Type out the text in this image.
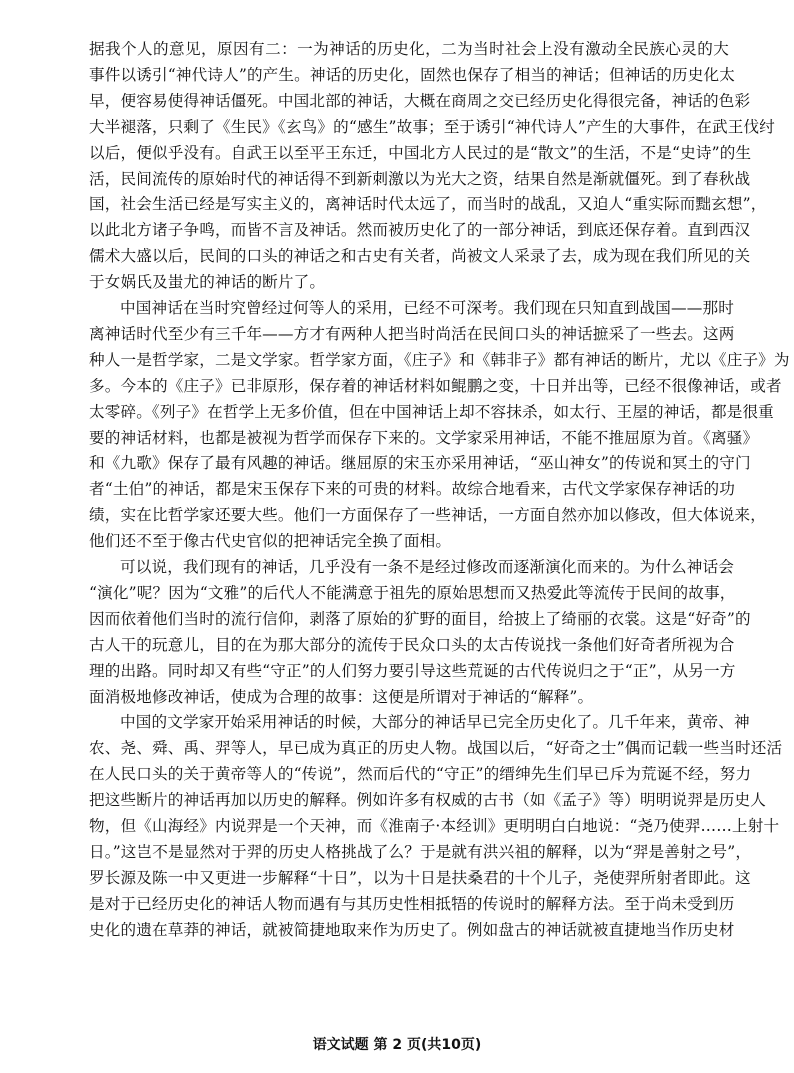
据我个人的意见，原因有二：一为神话的历史化，二为当时社会上没有激动全民族心灵的大
事件以诱引“神代诗人”的产生。神话的历史化，固然也保存了相当的神话；但神话的历史化太
早，便容易使得神话僵死。中国北部的神话，大概在商周之交已经历史化得很完备，神话的色彩
大半褪落，只剩了《生民》《玄鸟》的“感生”故事；至于诱引“神代诗人”产生的大事件，在武王伐纣
以后，便似乎没有。自武王以至平王东迁，中国北方人民过的是“散文”的生活，不是“史诗”的生
活，民间流传的原始时代的神话得不到新刺激以为光大之资，结果自然是渐就僵死。到了春秋战
国，社会生活已经是写实主义的，离神话时代太远了，而当时的战乱，又迫人“重实际而黜玄想”，
以此北方诸子争鸣，而皆不言及神话。然而被历史化了的一部分神话，到底还保存着。直到西汉
儒术大盛以后，民间的口头的神话之和古史有关者，尚被文人采录了去，成为现在我们所见的关
于女娲氏及蚩尤的神话的断片了。
中国神话在当时究曾经过何等人的采用，已经不可深考。我们现在只知直到战国——那时
离神话时代至少有三千年——方才有两种人把当时尚活在民间口头的神话摭采了一些去。这两
种人一是哲学家，二是文学家。哲学家方面，《庄子》和《韩非子》都有神话的断片，尤以《庄子》为
多。今本的《庄子》已非原形，保存着的神话材料如鲲鹏之变，十日并出等，已经不很像神话，或者
太零碎。《列子》在哲学上无多价值，但在中国神话上却不容抹杀，如太行、王屋的神话，都是很重
要的神话材料，也都是被视为哲学而保存下来的。文学家采用神话，不能不推屈原为首。《离骚》
和《九歌》保存了最有风趣的神话。继屈原的宋玉亦采用神话，“巫山神女”的传说和冥土的守门
者“土伯”的神话，都是宋玉保存下来的可贵的材料。故综合地看来，古代文学家保存神话的功
绩，实在比哲学家还要大些。他们一方面保存了一些神话，一方面自然亦加以修改，但大体说来，
他们还不至于像古代史官似的把神话完全换了面相。
可以说，我们现有的神话，几乎没有一条不是经过修改而逐渐演化而来的。为什么神话会
“演化”呢？因为“文雅”的后代人不能满意于祖先的原始思想而又热爱此等流传于民间的故事，
因而依着他们当时的流行信仰，剥落了原始的犷野的面目，给披上了绮丽的衣裳。这是“好奇”的
古人干的玩意儿，目的在为那大部分的流传于民众口头的太古传说找一条他们好奇者所视为合
理的出路。同时却又有些“守正”的人们努力要引导这些荒诞的古代传说归之于“正”，从另一方
面消极地修改神话，使成为合理的故事：这便是所谓对于神话的“解释”。
中国的文学家开始采用神话的时候，大部分的神话早已完全历史化了。几千年来，黄帝、神
农、尧、舜、禹、羿等人，早已成为真正的历史人物。战国以后，“好奇之士”偶而记载一些当时还活
在人民口头的关于黄帝等人的“传说”，然而后代的“守正”的缙绅先生们早已斥为荒诞不经，努力
把这些断片的神话再加以历史的解释。例如许多有权威的古书（如《孟子》等）明明说羿是历史人
物，但《山海经》内说羿是一个天神，而《淮南子·本经训》更明明白白地说：“尧乃使羿……上射十
日。”这岂不是显然对于羿的历史人格挑战了么？于是就有洪兴祖的解释，以为“羿是善射之号”，
罗长源及陈一中又更进一步解释“十日”，以为十日是扶桑君的十个儿子，尧使羿所射者即此。这
是对于已经历史化的神话人物而遇有与其历史性相抵牾的传说时的解释方法。至于尚未受到历
史化的遗在草莽的神话，就被简捷地取来作为历史了。例如盘古的神话就被直捷地当作历史材
语文试题 第 2 页(共10页)
